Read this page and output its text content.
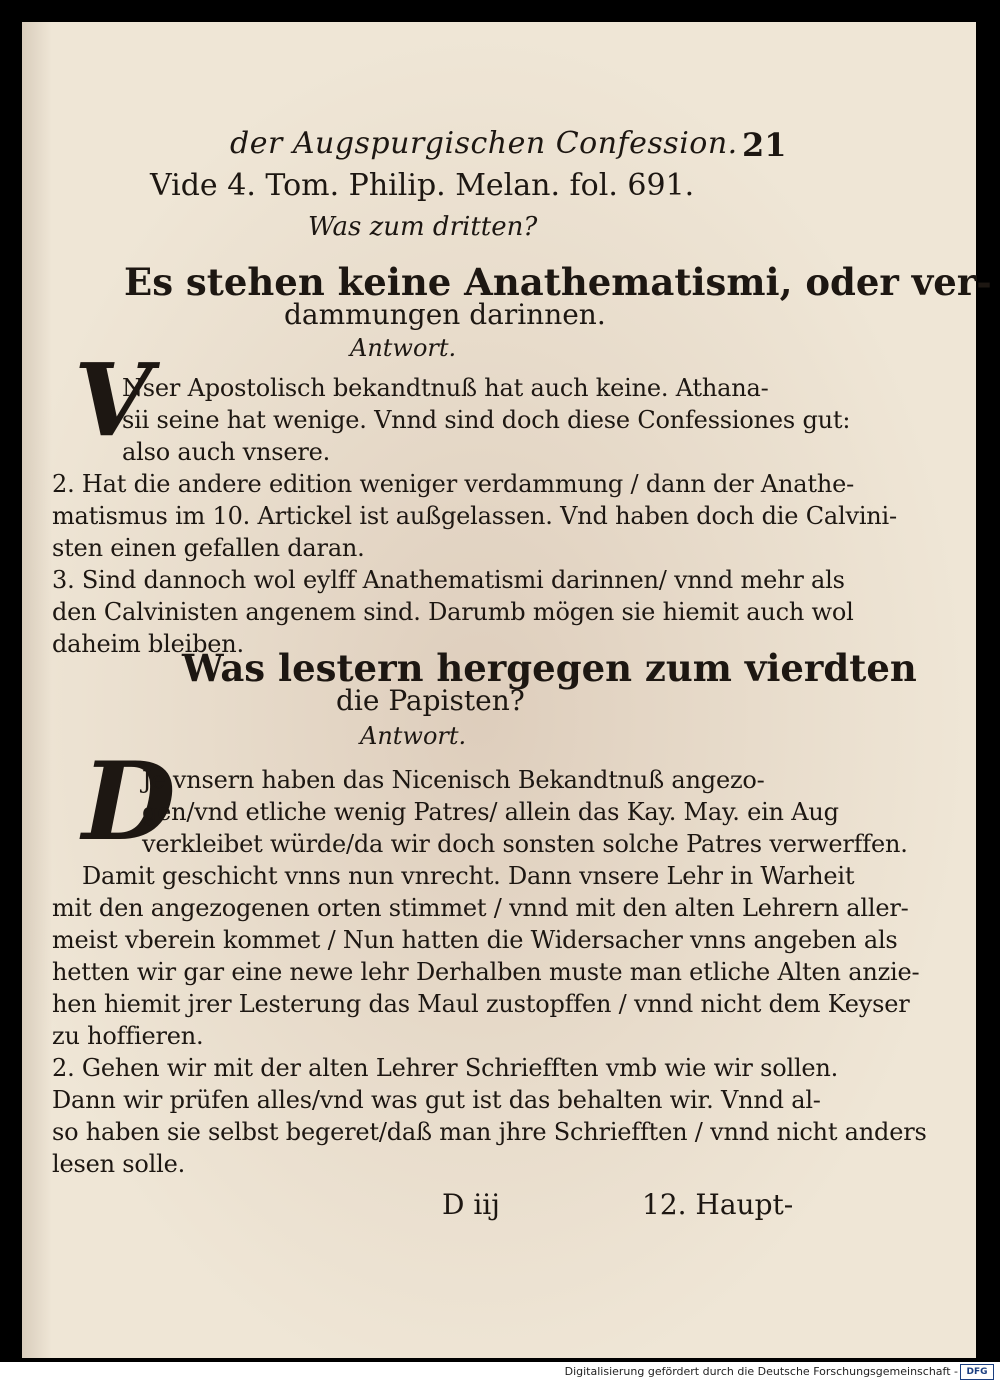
der Augspurgischen Confession. 21
Vide 4. Tom. Philip. Melan. fol. 691.
Was zum dritten?
Es stehen keine Anathematismi, oder ver-
dammungen darinnen.
Antwort.
V
Nser Apostolisch bekandtnuß hat auch keine. Athana-
sii seine hat wenige. Vnnd sind doch diese Confessiones gut:
also auch vnsere.
2. Hat die andere edition weniger verdammung / dann der Anathe-
matismus im 10. Artickel ist außgelassen. Vnd haben doch die Calvini-
sten einen gefallen daran.
3. Sind dannoch wol eylff Anathematismi darinnen/ vnnd mehr als
den Calvinisten angenem sind. Darumb mögen sie hiemit auch wol
daheim bleiben.
Was lestern hergegen zum vierdten
die Papisten?
Antwort.
D
Je vnsern haben das Nicenisch Bekandtnuß angezo-
gen/vnd etliche wenig Patres/ allein das Kay. May. ein Aug
verkleibet würde/da wir doch sonsten solche Patres verwerffen.
Damit geschicht vnns nun vnrecht. Dann vnsere Lehr in Warheit
mit den angezogenen orten stimmet / vnnd mit den alten Lehrern aller-
meist vberein kommet / Nun hatten die Widersacher vnns angeben als
hetten wir gar eine newe lehr Derhalben muste man etliche Alten anzie-
hen hiemit jrer Lesterung das Maul zustopffen / vnnd nicht dem Keyser
zu hoffieren.
2. Gehen wir mit der alten Lehrer Schriefften vmb wie wir sollen.
Dann wir prüfen alles/vnd was gut ist das behalten wir. Vnnd al-
so haben sie selbst begeret/daß man jhre Schriefften / vnnd nicht anders
lesen solle.
D iij	12. Haupt-
Digitalisierung gefördert durch die Deutsche Forschungsgemeinschaft - DFG
